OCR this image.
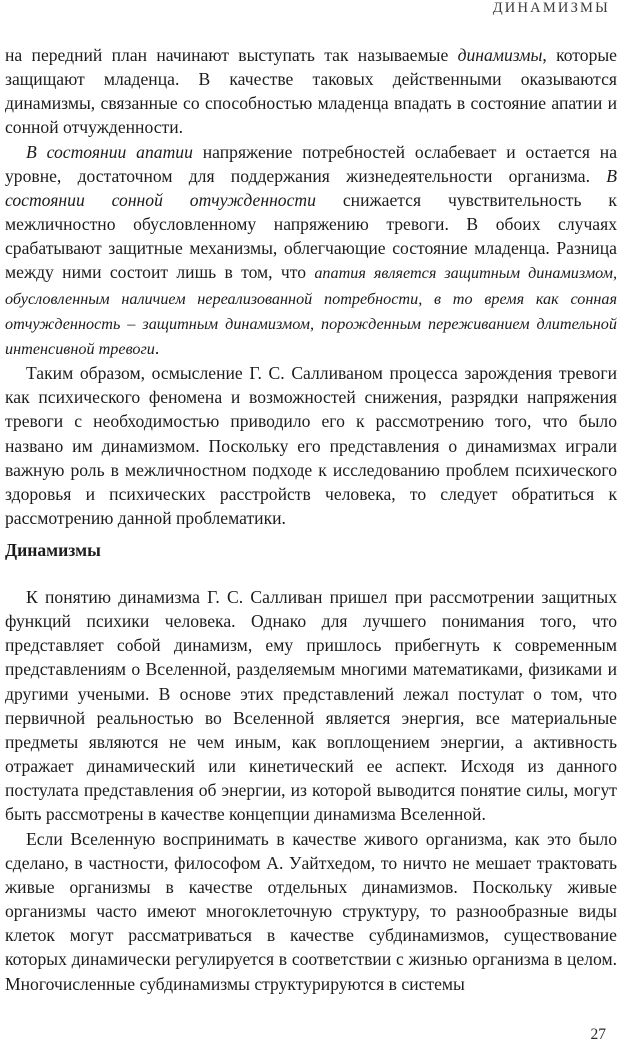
ДИНАМИЗМЫ

на передний план начинают выступать так называемые динамизмы, которые защищают младенца. В качестве таковых действенными оказываются динамизмы, связанные со способностью младенца впадать в состояние апатии и сонной отчужденности.

В состоянии апатии напряжение потребностей ослабевает и остается на уровне, достаточном для поддержания жизнедеятельности организма. В состоянии сонной отчужденности снижается чувствительность к межличностно обусловленному напряжению тревоги. В обоих случаях срабатывают защитные механизмы, облегчающие состояние младенца. Разница между ними состоит лишь в том, что апатия является защитным динамизмом, обусловленным наличием нереализованной потребности, в то время как сонная отчужденность – защитным динамизмом, порожденным переживанием длительной интенсивной тревоги.

Таким образом, осмысление Г. С. Салливаном процесса зарождения тревоги как психического феномена и возможностей снижения, разрядки напряжения тревоги с необходимостью приводило его к рассмотрению того, что было названо им динамизмом. Поскольку его представления о динамизмах играли важную роль в межличностном подходе к исследованию проблем психического здоровья и психических расстройств человека, то следует обратиться к рассмотрению данной проблематики.

Динамизмы

К понятию динамизма Г. С. Салливан пришел при рассмотрении защитных функций психики человека. Однако для лучшего понимания того, что представляет собой динамизм, ему пришлось прибегнуть к современным представлениям о Вселенной, разделяемым многими математиками, физиками и другими учеными. В основе этих представлений лежал постулат о том, что первичной реальностью во Вселенной является энергия, все материальные предметы являются не чем иным, как воплощением энергии, а активность отражает динамический или кинетический ее аспект. Исходя из данного постулата представления об энергии, из которой выводится понятие силы, могут быть рассмотрены в качестве концепции динамизма Вселенной.

Если Вселенную воспринимать в качестве живого организма, как это было сделано, в частности, философом А. Уайтхедом, то ничто не мешает трактовать живые организмы в качестве отдельных динамизмов. Поскольку живые организмы часто имеют многоклеточную структуру, то разнообразные виды клеток могут рассматриваться в качестве субдинамизмов, существование которых динамически регулируется в соответствии с жизнью организма в целом. Многочисленные субдинамизмы структурируются в системы

27
